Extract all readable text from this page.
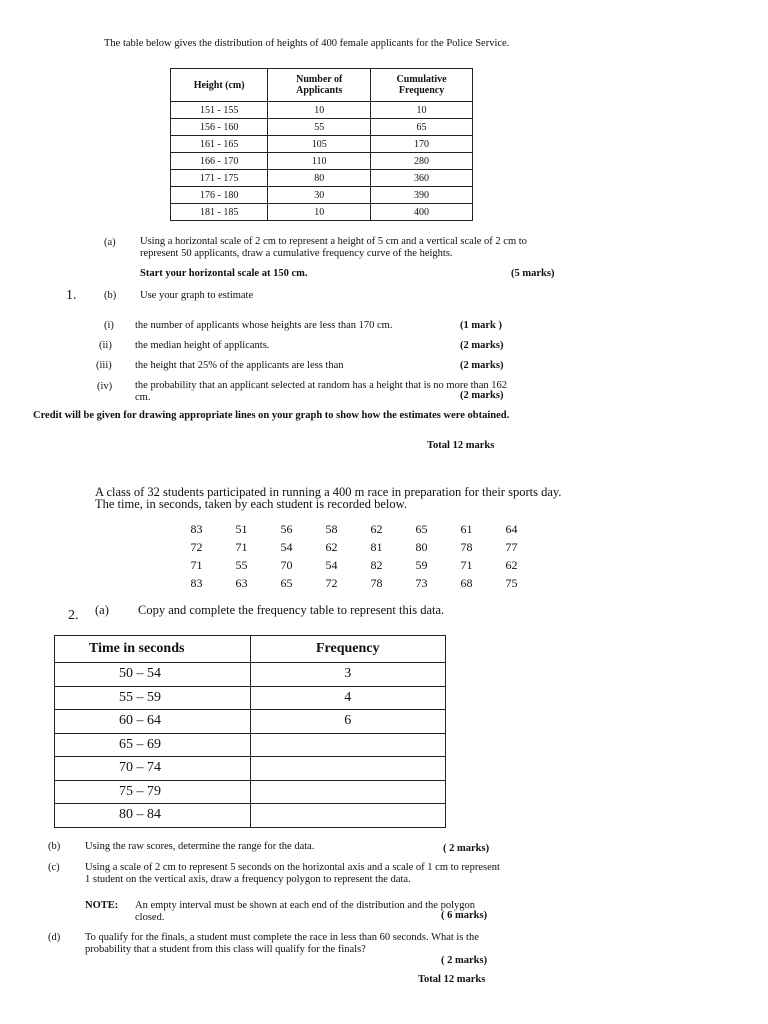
The table below gives the distribution of heights of 400 female applicants for the Police Service.
Height (cm)	Number of Applicants	Cumulative Frequency
151 - 155	10	10
156 - 160	55	65
161 - 165	105	170
166 - 170	110	280
171 - 175	80	360
176 - 180	30	390
181 - 185	10	400
(a) Using a horizontal scale of 2 cm to represent a height of 5 cm and a vertical scale of 2 cm to represent 50 applicants, draw a cumulative frequency curve of the heights.
Start your horizontal scale at 150 cm.	(5 marks)
1.	(b) Use your graph to estimate
(i) the number of applicants whose heights are less than 170 cm.	(1 mark )
(ii) the median height of applicants.	(2 marks)
(iii) the height that 25% of the applicants are less than	(2 marks)
(iv) the probability that an applicant selected at random has a height that is no more than 162 cm.	(2 marks)
Credit will be given for drawing appropriate lines on your graph to show how the estimates were obtained.
Total 12 marks
A class of 32 students participated in running a 400 m race in preparation for their sports day.
The time, in seconds, taken by each student is recorded below.
83	51	56	58	62	65	61	64
72	71	54	62	81	80	78	77
71	55	70	54	82	59	71	62
83	63	65	72	78	73	68	75
2. (a) Copy and complete the frequency table to represent this data.
Time in seconds	Frequency
50 – 54	3
55 – 59	4
60 – 64	6
65 – 69	
70 – 74	
75 – 79	
80 – 84	
(b) Using the raw scores, determine the range for the data.	( 2 marks)
(c) Using a scale of 2 cm to represent 5 seconds on the horizontal axis and a scale of 1 cm to represent 1 student on the vertical axis, draw a frequency polygon to represent the data.
NOTE: An empty interval must be shown at each end of the distribution and the polygon closed.	( 6 marks)
(d) To qualify for the finals, a student must complete the race in less than 60 seconds. What is the probability that a student from this class will qualify for the finals?
( 2 marks)
Total 12 marks
